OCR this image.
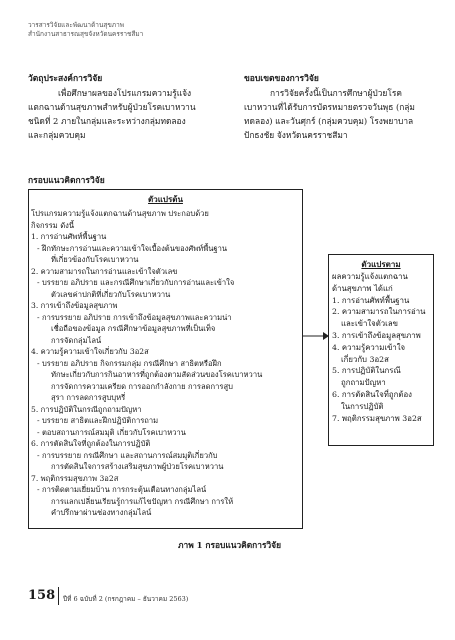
วารสารวิจัยและพัฒนาด้านสุขภาพ
สำนักงานสาธารณสุขจังหวัดนครราชสีมา
วัตถุประสงค์การวิจัย

เพื่อศึกษาผลของโปรแกรมความรู้แจ้ง

แตกฉานด้านสุขภาพสำหรับผู้ป่วยโรคเบาหวาน

ชนิดที่ 2 ภายในกลุ่มและระหว่างกลุ่มทดลอง

และกลุ่มควบคุม

ขอบเขตของการวิจัย

การวิจัยครั้งนี้เป็นการศึกษาผู้ป่วยโรค

เบาหวานที่ได้รับการบัตรหมายตรวจวันพุธ (กลุ่ม

ทดลอง) และวันศุกร์ (กลุ่มควบคุม) โรงพยาบาล

ปักธงชัย จังหวัดนครราชสีมา

กรอบแนวคิดการวิจัย
ตัวแปรต้น
โปรแกรมความรู้แจ้งแตกฉานด้านสุขภาพ ประกอบด้วย
กิจกรรม ดังนี้
1. การอ่านศัพท์พื้นฐาน
- ฝึกทักษะการอ่านและความเข้าใจเบื้องต้นของศัพท์พื้นฐาน
ที่เกี่ยวข้องกับโรคเบาหวาน
2. ความสามารถในการอ่านและเข้าใจตัวเลข
- บรรยาย อภิปราย และกรณีศึกษาเกี่ยวกับการอ่านและเข้าใจ
ตัวเลขค่าปกติที่เกี่ยวกับโรคเบาหวาน
3. การเข้าถึงข้อมูลสุขภาพ
- การบรรยาย อภิปราย การเข้าถึงข้อมูลสุขภาพและความน่า
เชื่อถือของข้อมูล กรณีศึกษาข้อมูลสุขภาพที่เป็นเท็จ
การจัดกลุ่มไลน์
4. ความรู้ความเข้าใจเกี่ยวกับ 3อ2ส
- บรรยาย อภิปราย กิจกรรมกลุ่ม กรณีศึกษา สาธิตหรือฝึก
ทักษะเกี่ยวกับการกินอาหารที่ถูกต้องตามสัดส่วนของโรคเบาหวาน
การจัดการความเครียด การออกกำลังกาย การลดการสูบ
สุรา การลดการสูบบุหรี่
5. การปฏิบัติในกรณีถูกถามปัญหา
- บรรยาย สาธิตและฝึกปฏิบัติการถาม
- ตอบสถานการณ์สมมุติ เกี่ยวกับโรคเบาหวาน
6. การตัดสินใจที่ถูกต้องในการปฏิบัติ
- การบรรยาย กรณีศึกษา และสถานการณ์สมมุติเกี่ยวกับ
การตัดสินใจการสร้างเสริมสุขภาพผู้ป่วยโรคเบาหวาน
7. พฤติกรรมสุขภาพ 3อ2ส
- การติดตามเยี่ยมบ้าน การกระตุ้นเตือนทางกลุ่มไลน์
การแลกเปลี่ยนเรียนรู้การแก้ไขปัญหา กรณีศึกษา การให้
คำปรึกษาผ่านช่องทางกลุ่มไลน์
ตัวแปรตาม
ผลความรู้แจ้งแตกฉาน
ด้านสุขภาพ ได้แก่
1. การอ่านศัพท์พื้นฐาน
2. ความสามารถในการอ่าน
และเข้าใจตัวเลข
3. การเข้าถึงข้อมูลสุขภาพ
4. ความรู้ความเข้าใจ
เกี่ยวกับ 3อ2ส
5. การปฏิบัติในกรณี
ถูกถามปัญหา
6. การตัดสินใจที่ถูกต้อง
ในการปฏิบัติ
7. พฤติกรรมสุขภาพ 3อ2ส
ภาพ 1 กรอบแนวคิดการวิจัย
158 ปีที่ 6 ฉบับที่ 2 (กรกฎาคม – ธันวาคม 2563)
